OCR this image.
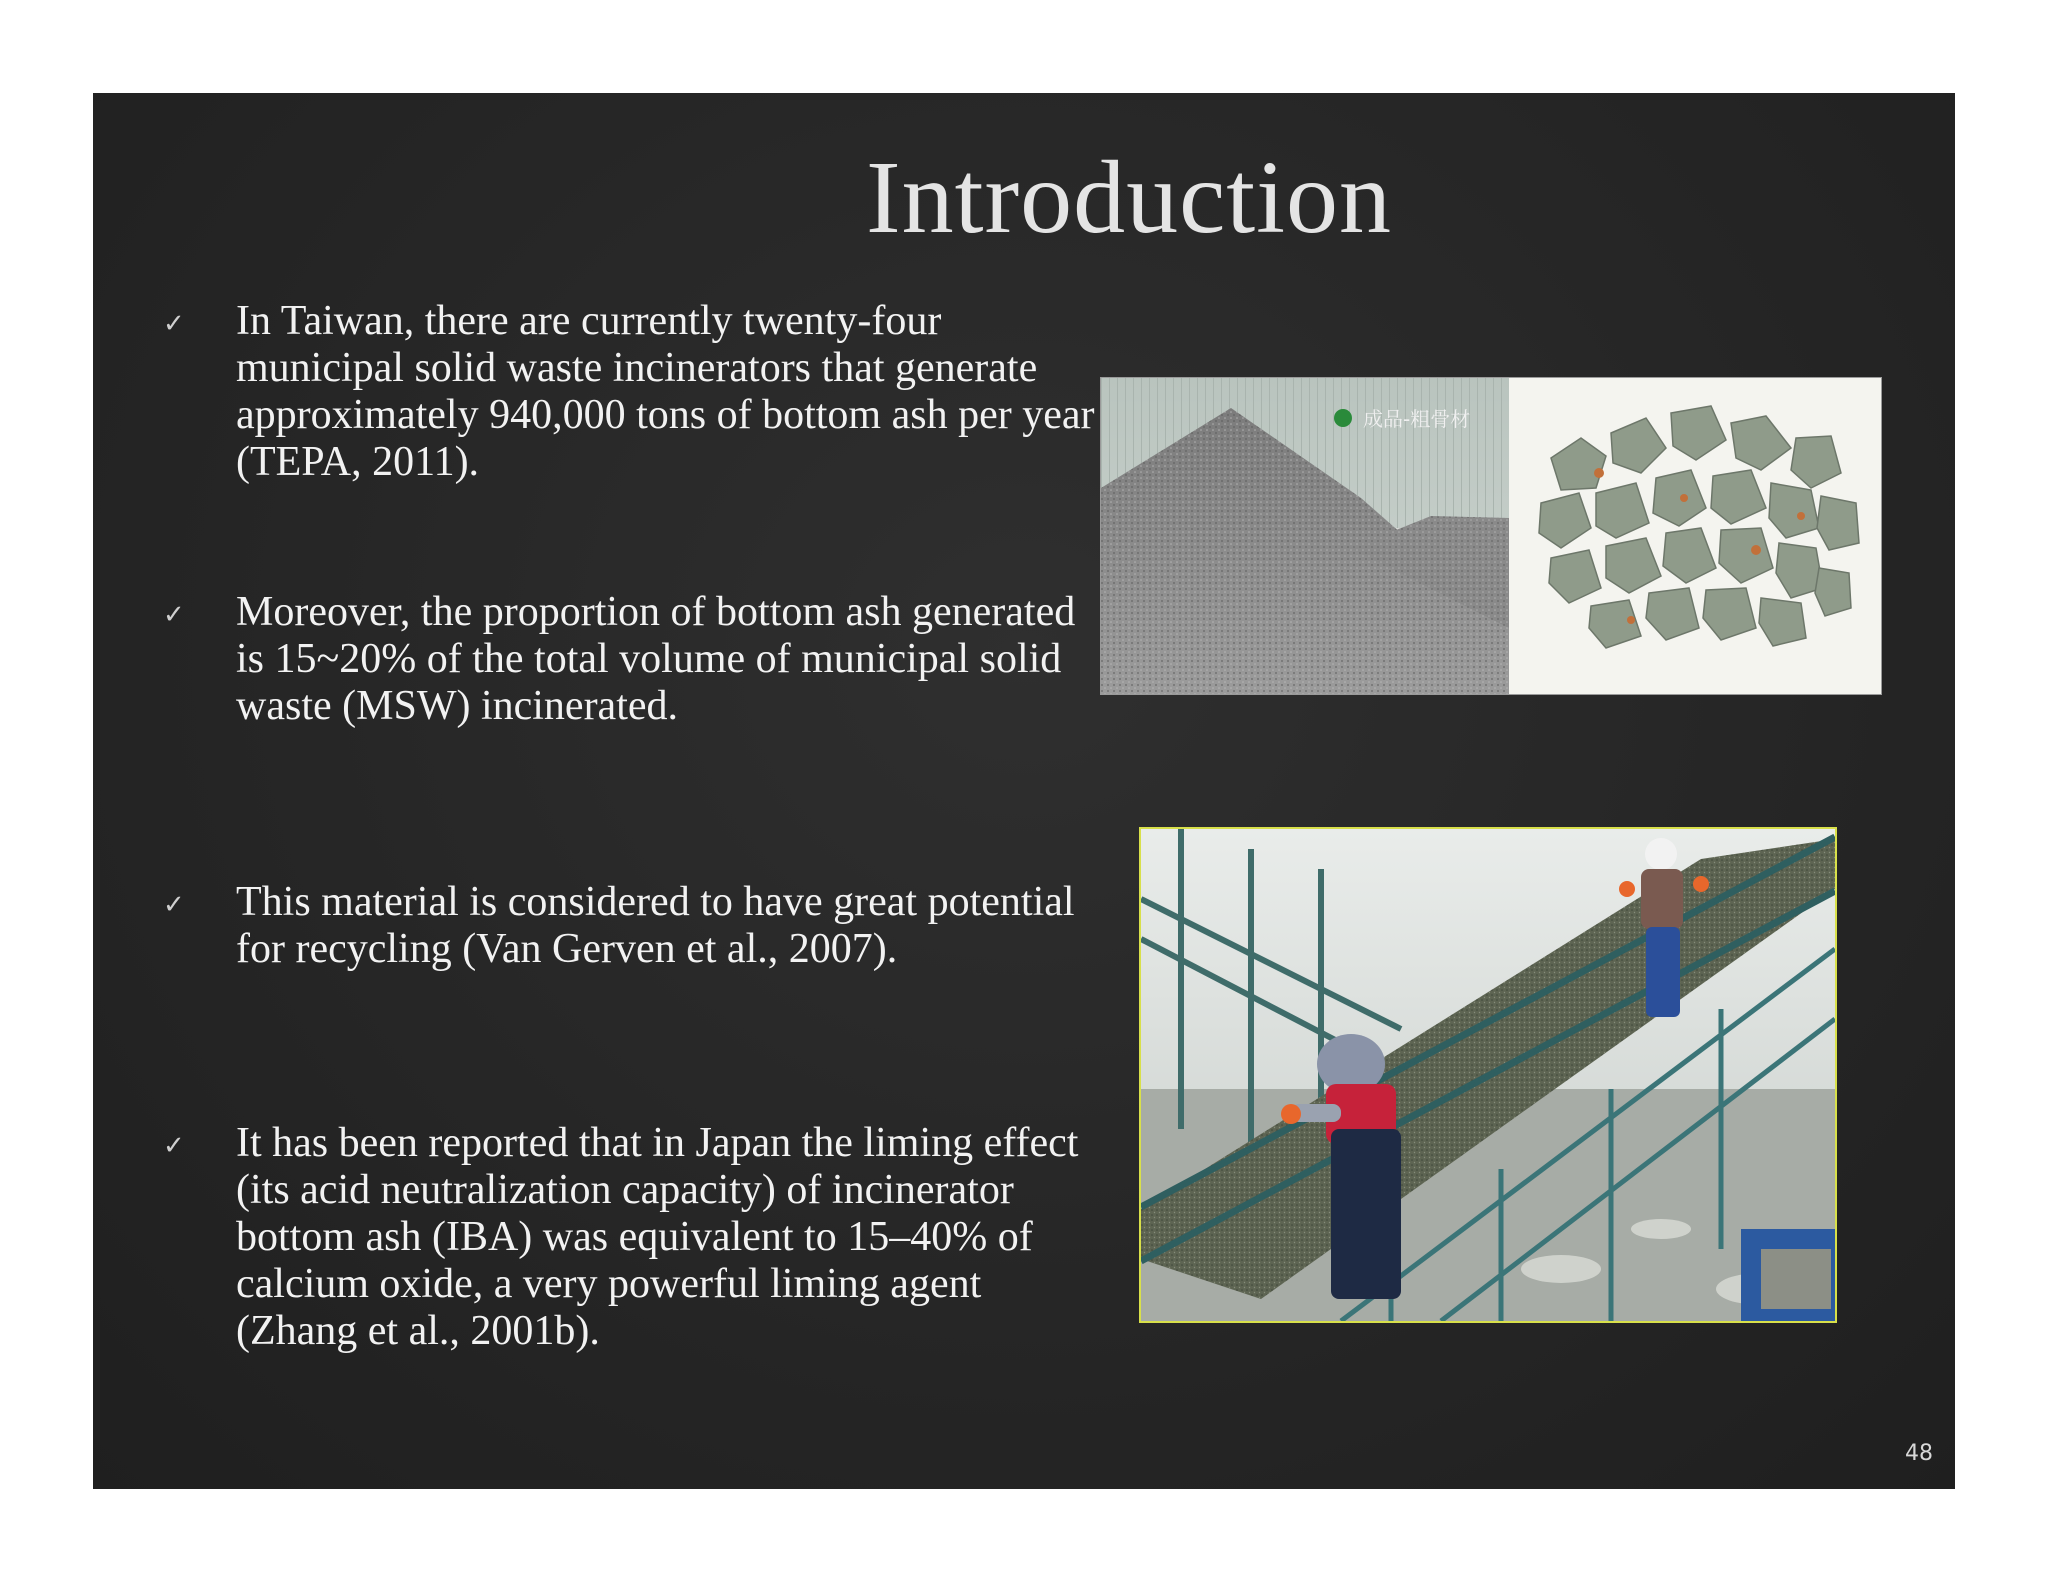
Introduction
✓	In Taiwan, there are currently twenty-four municipal solid waste incinerators that generate approximately 940,000 tons of bottom ash per year (TEPA, 2011).
✓	Moreover, the proportion of bottom ash generated is 15~20% of the total volume of municipal solid waste (MSW) incinerated.
✓	This material is considered to have great potential for recycling (Van Gerven et al., 2007).
✓	It has been reported that in Japan the liming effect (its acid neutralization capacity) of incinerator bottom ash (IBA) was equivalent to 15–40% of calcium oxide, a very powerful liming agent (Zhang et al., 2001b).
成品-粗骨材
48
